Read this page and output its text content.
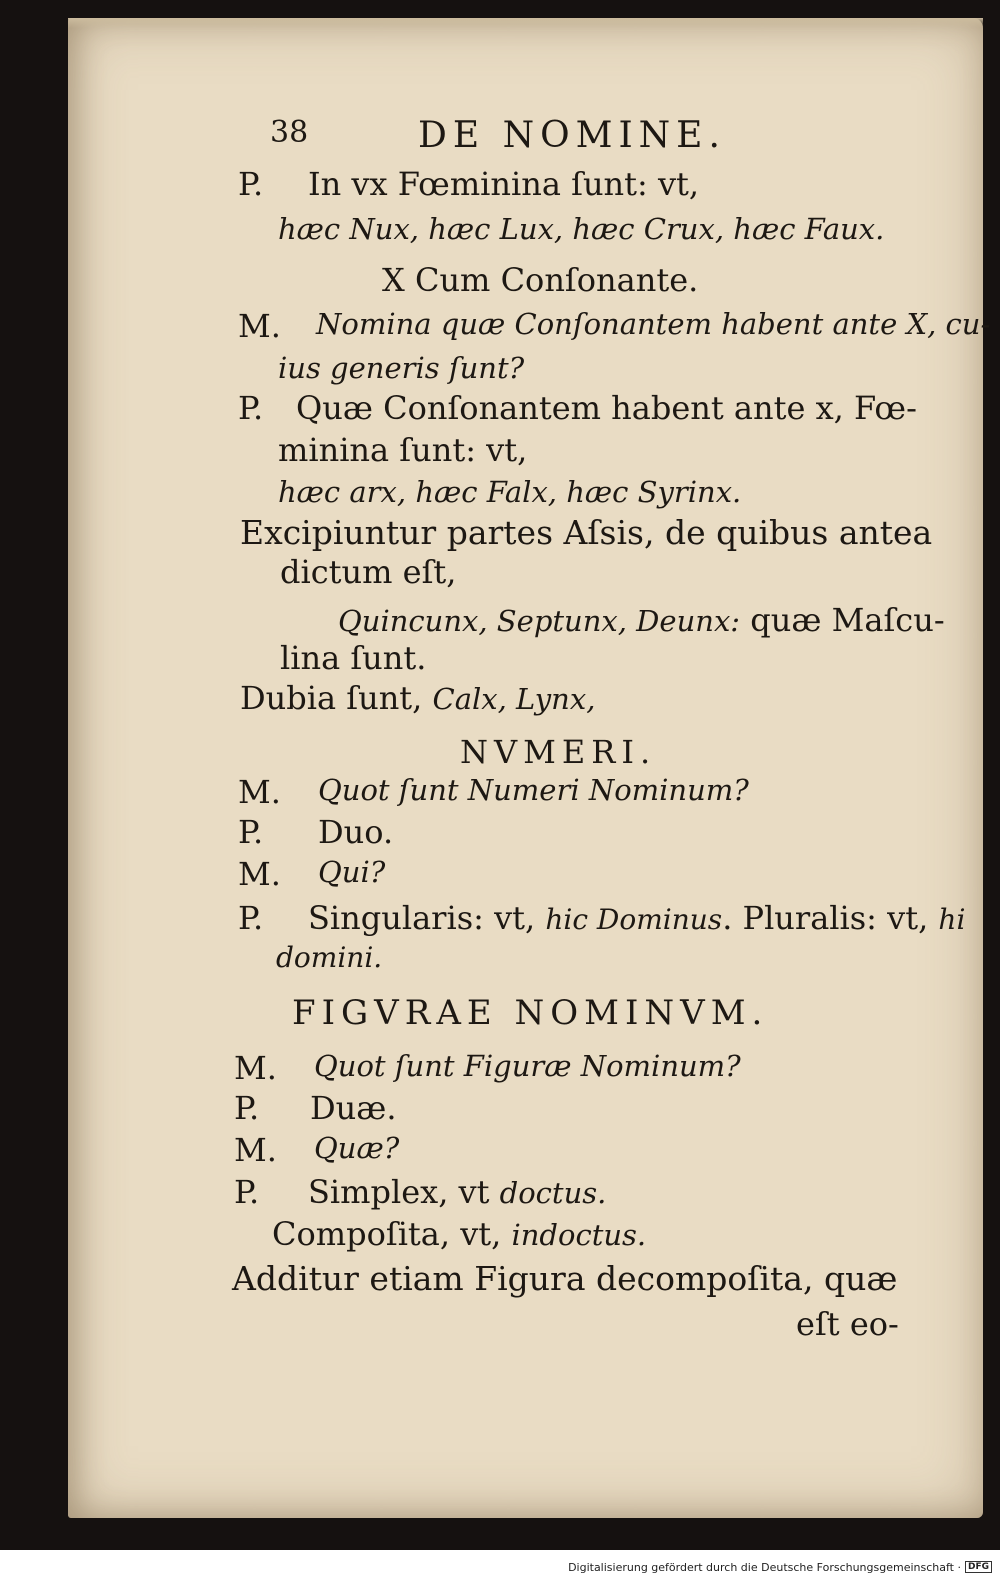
38	DE NOMINE.
P. In vx Fœminina ſunt: vt,
hæc Nux, hæc Lux, hæc Crux, hæc Faux.
X Cum Conſonante.
M. Nomina quæ Conſonantem habent ante X, cu-
ius generis ſunt?
P. Quæ Conſonantem habent ante x, Fœ-
minina ſunt: vt,
hæc arx, hæc Falx, hæc Syrinx.
Excipiuntur partes Aſsis, de quibus antea
dictum eſt,
Quincunx, Septunx, Deunx: quæ Maſcu-
lina ſunt.
Dubia ſunt, Calx, Lynx,
NVMERI.
M. Quot ſunt Numeri Nominum?
P. Duo.
M. Qui?
P. Singularis: vt, hic Dominus. Pluralis: vt, hi
domini.
FIGVRAE NOMINVM.
M. Quot ſunt Figuræ Nominum?
P. Duæ.
M. Quæ?
P. Simplex, vt doctus.
Compoſita, vt, indoctus.
Additur etiam Figura decompoſita, quæ
eſt eo-
Digitalisierung gefördert durch die Deutsche Forschungsgemeinschaft · DFG
